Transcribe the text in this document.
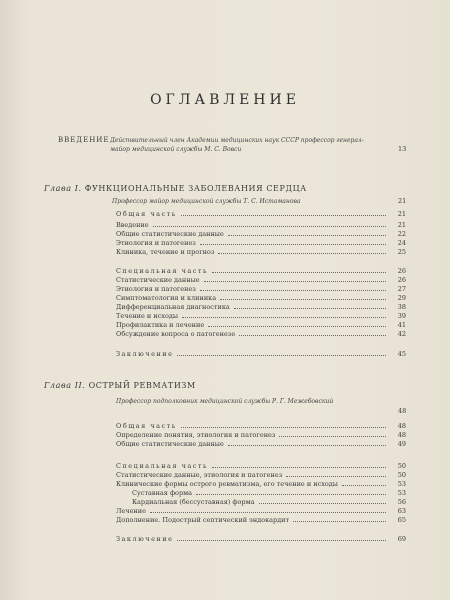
ОГЛАВЛЕНИЕ
ВВЕДЕНИЕ Действительный член Академии медицинских наук СССР профессор генерал-майор медицинской службы М. С. Вовси	13
Глава I. ФУНКЦИОНАЛЬНЫЕ ЗАБОЛЕВАНИЯ СЕРДЦА
Профессор майор медицинской службы Т. С. Истаманова	21
Общая часть	21
Введение	21
Общие статистические данные	22
Этиология и патогенез	24
Клиника, течение и прогноз	25
Специальная часть	26
Статистические данные	26
Этиология и патогенез	27
Симптоматология и клиника	29
Дифференциальная диагностика	38
Течение и исходы	39
Профилактика и лечение	41
Обсуждение вопроса о патогенезе	42
Заключение	45
Глава II. ОСТРЫЙ РЕВМАТИЗМ
Профессор подполковник медицинской службы Р. Г. Межебовский
48
Общая часть	48
Определение понятия, этиология и патогенез	48
Общие статистические данные	49
Специальная часть	50
Статистические данные, этиология и патогенез	50
Клинические формы острого ревматизма, его течение и исходы	53
Суставная форма	53
Кардиальная (бессуставная) форма	56
Лечение	63
Дополнение. Подострый септический эндокардит	65
Заключение	69
